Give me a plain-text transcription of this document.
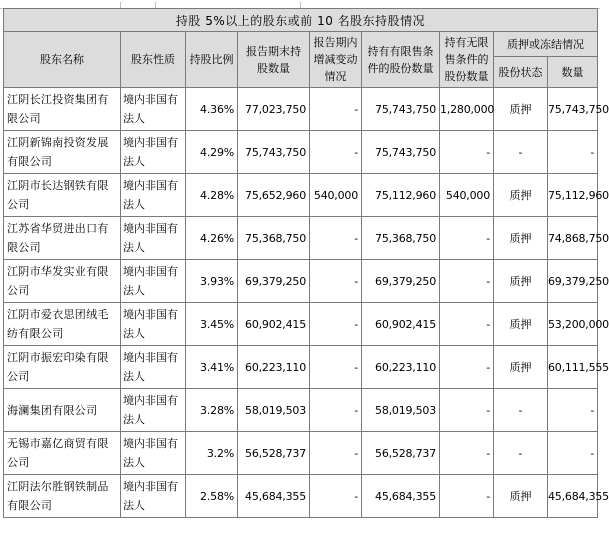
持股 5%以上的股东或前 10 名股东持股情况								
股东名称	股东性质	持股比例	报告期末持股数量	报告期内增减变动情况	持有有限售条件的股份数量	持有无限售条件的股份数量	质押或冻结情况	
							股份状态	数量
江阴长江投资集团有限公司	境内非国有法人	4.36%	77,023,750	-	75,743,750	1,280,000	质押	75,743,750
江阴新锦南投资发展有限公司	境内非国有法人	4.29%	75,743,750	-	75,743,750	-	-	-
江阴市长达钢铁有限公司	境内非国有法人	4.28%	75,652,960	540,000	75,112,960	540,000	质押	75,112,960
江苏省华贸进出口有限公司	境内非国有法人	4.26%	75,368,750	-	75,368,750	-	质押	74,868,750
江阴市华发实业有限公司	境内非国有法人	3.93%	69,379,250	-	69,379,250	-	质押	69,379,250
江阴市爱衣思团绒毛纺有限公司	境内非国有法人	3.45%	60,902,415	-	60,902,415	-	质押	53,200,000
江阴市振宏印染有限公司	境内非国有法人	3.41%	60,223,110	-	60,223,110	-	质押	60,111,555
海澜集团有限公司	境内非国有法人	3.28%	58,019,503	-	58,019,503	-	-	-
无锡市嘉亿商贸有限公司	境内非国有法人	3.2%	56,528,737	-	56,528,737	-	-	-
江阴法尔胜钢铁制品有限公司	境内非国有法人	2.58%	45,684,355	-	45,684,355	-	质押	45,684,355
